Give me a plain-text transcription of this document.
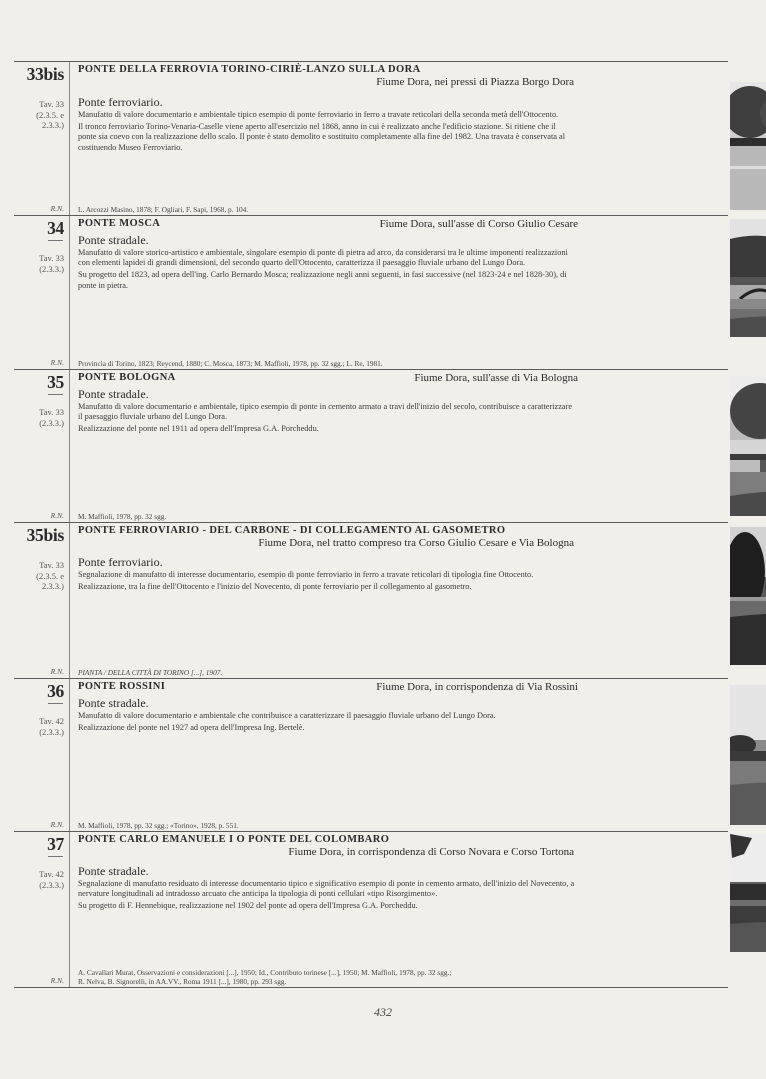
33bis
Tav. 33
(2.3.5. e
2.3.3.)
R.N.
PONTE DELLA FERROVIA TORINO-CIRIÈ-LANZO SULLA DORA
Fiume Dora, nei pressi di Piazza Borgo Dora
Ponte ferroviario.

Manufatto di valore documentario e ambientale tipico esempio di ponte ferroviario in ferro a travate reticolari della seconda metà dell'Ottocento.

Il tronco ferroviario Torino-Venaria-Caselle viene aperto all'esercizio nel 1868, anno in cui è realizzato anche l'edificio stazione. Si ritiene che il ponte sia coevo con la realizzazione dello scalo. Il ponte è stato demolito e sostituito completamente alla fine del 1982. Una travata è conservata al costituendo Museo Ferroviario.

L. Arcozzi Masino, 1878; F. Ogliari, F. Sapi, 1968, p. 104.
34
Tav. 33
(2.3.3.)
R.N.
PONTE MOSCA	Fiume Dora, sull'asse di Corso Giulio Cesare
Ponte stradale.

Manufatto di valore storico-artistico e ambientale, singolare esempio di ponte di pietra ad arco, da considerarsi tra le ultime imponenti realizzazioni con elementi lapidei di grandi dimensioni, del secondo quarto dell'Ottocento, caratterizza il paesaggio fluviale urbano del Lungo Dora.

Su progetto del 1823, ad opera dell'ing. Carlo Bernardo Mosca; realizzazione negli anni seguenti, in fasi successive (nel 1823-24 e nel 1828-30), di ponte in pietra.

Provincia di Torino, 1823; Reycend, 1880; C. Mosca, 1873; M. Maffioli, 1978, pp. 32 sgg.; L. Re, 1981.
35
Tav. 33
(2.3.3.)
R.N.
PONTE BOLOGNA	Fiume Dora, sull'asse di Via Bologna
Ponte stradale.

Manufatto di valore documentario e ambientale, tipico esempio di ponte in cemento armato a travi dell'inizio del secolo, contribuisce a caratterizzare il paesaggio fluviale urbano del Lungo Dora.

Realizzazione del ponte nel 1911 ad opera dell'Impresa G.A. Porcheddu.

M. Maffioli, 1978, pp. 32 sgg.
35bis
Tav. 33
(2.3.5. e
2.3.3.)
R.N.
PONTE FERROVIARIO - DEL CARBONE - DI COLLEGAMENTO AL GASOMETRO
Fiume Dora, nel tratto compreso tra Corso Giulio Cesare e Via Bologna
Ponte ferroviario.

Segnalazione di manufatto di interesse documentario, esempio di ponte ferroviario in ferro a travate reticolari di tipologia fine Ottocento.

Realizzazione, tra la fine dell'Ottocento e l'inizio del Novecento, di ponte ferroviario per il collegamento al gasometro.

PIANTA / DELLA CITTÀ DI TORINO [...], 1907.
36
Tav. 42
(2.3.3.)
R.N.
PONTE ROSSINI	Fiume Dora, in corrispondenza di Via Rossini
Ponte stradale.

Manufatto di valore documentario e ambientale che contribuisce a caratterizzare il paesaggio fluviale urbano del Lungo Dora.

Realizzazione del ponte nel 1927 ad opera dell'Impresa Ing. Bertelè.

M. Maffioli, 1978, pp. 32 sgg.; «Torino», 1928, p. 551.
37
Tav. 42
(2.3.3.)
R.N.
PONTE CARLO EMANUELE I O PONTE DEL COLOMBARO
Fiume Dora, in corrispondenza di Corso Novara e Corso Tortona
Ponte stradale.

Segnalazione di manufatto residuato di interesse documentario tipico e significativo esempio di ponte in cemento armato, dell'inizio del Novecento, a nervature longitudinali ad intradosso arcuato che anticipa la tipologia di ponti cellulari «tipo Risorgimento».

Su progetto di F. Hennebique, realizzazione nel 1902 del ponte ad opera dell'Impresa G.A. Porcheddu.

A. Cavallari Murat, Osservazioni e considerazioni [...], 1950; Id., Contributo torinese [...], 1950; M. Maffioli, 1978, pp. 32 sgg.;
R. Nelva, B. Signorelli, in AA.VV., Roma 1911 [...], 1980, pp. 293 sgg.
432
